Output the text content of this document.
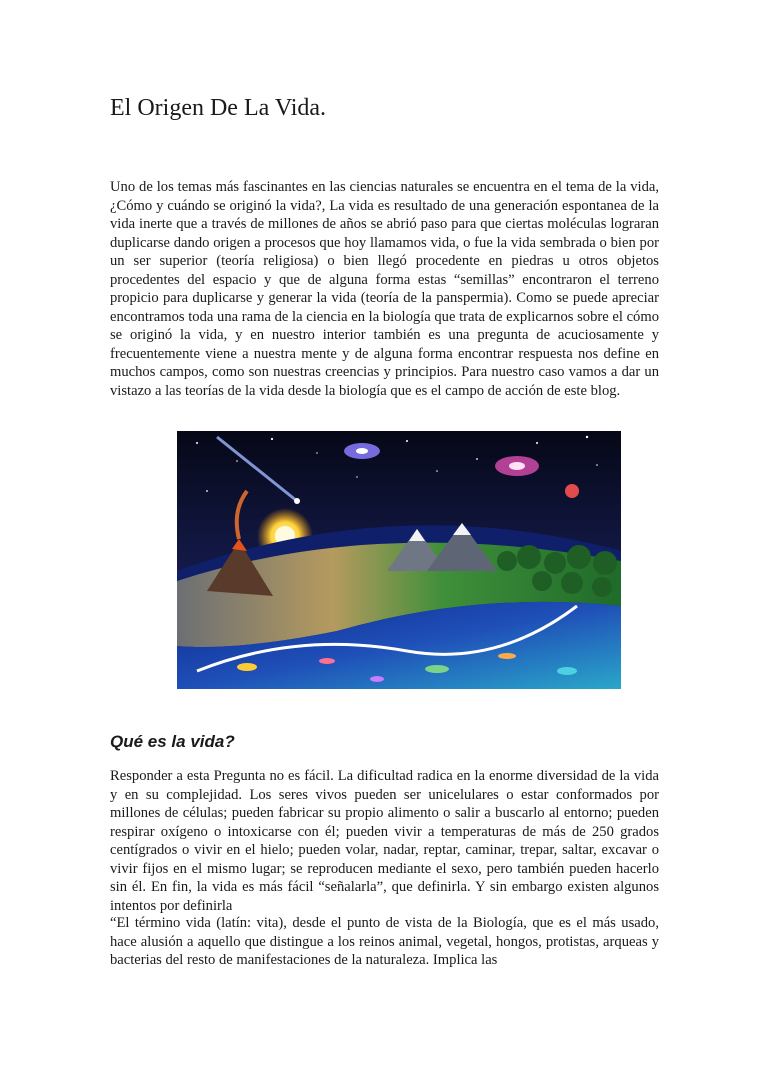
El Origen De La Vida.

Uno de los temas más fascinantes en las ciencias naturales se encuentra en el tema de la vida, ¿Cómo y cuándo se originó la vida?, La vida es resultado de una generación espontanea de la vida inerte que a través de millones de años se abrió paso para que ciertas moléculas lograran duplicarse dando origen a procesos que hoy llamamos vida, o fue la vida sembrada o bien por un ser superior (teoría religiosa) o bien llegó procedente en piedras u otros objetos procedentes del espacio y que de alguna forma estas “semillas” encontraron el terreno propicio para duplicarse y generar la vida (teoría de la panspermia). Como se puede apreciar encontramos toda una rama de la ciencia en la biología que trata de explicarnos sobre el cómo se originó la vida, y en nuestro interior también es una pregunta de acuciosamente y frecuentemente viene a nuestra mente y de alguna forma encontrar respuesta nos define en muchos campos, como son nuestras creencias y principios. Para nuestro caso vamos a dar un vistazo a las teorías de la vida desde la biología que es el campo de acción de este blog.

Qué es la vida?

Responder a esta Pregunta no es fácil. La dificultad radica en la enorme diversidad de la vida y en su complejidad. Los seres vivos pueden ser unicelulares o estar conformados por millones de células; pueden fabricar su propio alimento o salir a buscarlo al entorno; pueden respirar oxígeno o intoxicarse con él; pueden vivir a temperaturas de más de 250 grados centígrados o vivir en el hielo; pueden volar, nadar, reptar, caminar, trepar, saltar, excavar o vivir fijos en el mismo lugar; se reproducen mediante el sexo, pero también pueden hacerlo sin él. En fin, la vida es más fácil “señalarla”, que definirla. Y sin embargo existen algunos intentos por definirla

“El término vida (latín: vita), desde el punto de vista de la Biología, que es el más usado, hace alusión a aquello que distingue a los reinos animal, vegetal, hongos, protistas, arqueas y bacterias del resto de manifestaciones de la naturaleza. Implica las
